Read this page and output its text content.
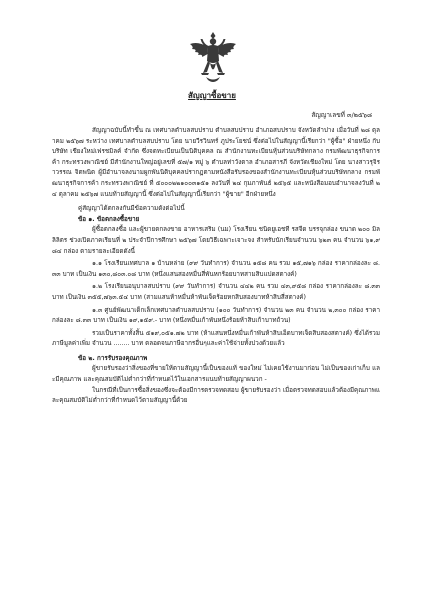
สัญญาซื้อขาย
สัญญาเลขที่ ๓/๒๕๖๘

สัญญาฉบับนี้ทำขึ้น ณ เทศบาลตำบลสบปราบ ตำบลสบปราบ อำเภอสบปราบ จังหวัดลำปาง เมื่อวันที่ ๒๘ ตุลาคม ๒๕๖๗ ระหว่าง เทศบาลตำบลสบปราบ โดย นายวีรวินทร์ ภูประโยชน์ ซึ่งต่อไปในสัญญานี้เรียกว่า "ผู้ซื้อ" ฝ่ายหนึ่ง กับ บริษัท เชียงใหม่เฟรชมิลค์ จำกัด ซึ่งจดทะเบียนเป็นนิติบุคคล ณ สำนักงานทะเบียนหุ้นส่วนบริษัทกลาง กรมพัฒนาธุรกิจการค้า กระทรวงพาณิชย์ มีสำนักงานใหญ่อยู่เลขที่ ๕๗/๑ หมู่ ๖ ตำบลท่าวังตาล อำเภอสารภี จังหวัดเชียงใหม่ โดย นางสาวรุจิราวรรณ จิตพนิต ผู้มีอำนาจลงนามผูกพันนิติบุคคลปรากฏตามหนังสือรับรองของสำนักงานทะเบียนหุ้นส่วนบริษัทกลาง กรมพัฒนาธุรกิจการค้า กระทรวงพาณิชย์ ที่ ๕๐๐๐๒๒๑๐๐๓๑๕๑ ลงวันที่ ๒๔ กุมภาพันธ์ ๒๕๖๕ และหนังสือมอบอำนาจลงวันที่ ๒๔ ตุลาคม ๒๕๖๗ แนบท้ายสัญญานี้ ซึ่งต่อไปในสัญญานี้เรียกว่า "ผู้ขาย" อีกฝ่ายหนึ่ง

คู่สัญญาได้ตกลงกันมีข้อความดังต่อไปนี้

ข้อ ๑. ข้อตกลงซื้อขาย

ผู้ซื้อตกลงซื้อ และผู้ขายตกลงขาย อาหารเสริม (นม) โรงเรียน ชนิดยูเอชที รสจืด บรรจุกล่อง ขนาด ๒๐๐ มิลลิลิตร ช่วงเปิดภาคเรียนที่ ๒ ประจำปีการศึกษา ๒๕๖๗ โดยวิธีเฉพาะเจาะจง สำหรับนักเรียนจำนวน ๖๒๓ คน จำนวน ๖๑,๙๘๔ กล่อง ตามรายละเอียดดังนี้

๑.๑ โรงเรียนเทศบาล ๑ บ้านหล่าย (๙๙ วันทำการ) จำนวน ๑๕๘ คน รวม ๑๕,๗๑๖ กล่อง ราคากล่องละ ๘.๓๓ บาท เป็นเงิน ๑๓๐,๘๐๓.๐๘ บาท (หนึ่งแสนสองหมื่นสี่พันหกร้อยบาทสามสิบแปดสตางค์)

๑.๒ โรงเรียนอนุบาลสบปราบ (๙๙ วันทำการ) จำนวน ๔๔๒ คน รวม ๔๓,๙๕๘ กล่อง ราคากล่องละ ๘.๓๓ บาท เป็นเงิน ๓๕๕,๗๖๓.๕๔ บาท (สามแสนห้าหมื่นห้าพันเจ็ดร้อยหกสิบสองบาทห้าสิบสี่สตางค์)

๑.๓ ศูนย์พัฒนาเด็กเล็กเทศบาลตำบลสบปราบ (๑๐๐ วันทำการ) จำนวน ๒๓ คน จำนวน ๒,๓๐๐ กล่อง ราคากล่องละ ๘.๓๓ บาท เป็นเงิน ๑๙,๑๕๙.- บาท (หนึ่งหมื่นเก้าพันหนึ่งร้อยห้าสิบเก้าบาทถ้วน)

รวมเป็นราคาทั้งสิ้น ๕๑๙,๐๕๑.๗๒ บาท (ห้าแสนหนึ่งหมื่นเก้าพันห้าสิบเอ็ดบาทเจ็ดสิบสองสตางค์) ซึ่งได้รวมภาษีมูลค่าเพิ่ม จำนวน ........ บาท ตลอดจนภาษีอากรอื่นๆและค่าใช้จ่ายทั้งปวงด้วยแล้ว

ข้อ ๒. การรับรองคุณภาพ

ผู้ขายรับรองว่าสิ่งของที่ขายให้ตามสัญญานี้เป็นของแท้ ของใหม่ ไม่เคยใช้งานมาก่อน ไม่เป็นของเก่าเก็บ และมีคุณภาพ และคุณสมบัติไม่ต่ำกว่าที่กำหนดไว้ในเอกสารแนบท้ายสัญญาผนวก -

ในกรณีที่เป็นการซื้อสิ่งของซึ่งจะต้องมีการตรวจทดสอบ ผู้ขายรับรองว่า เมื่อตรวจทดสอบแล้วต้องมีคุณภาพและคุณสมบัติไม่ต่ำกว่าที่กำหนดไว้ตามสัญญานี้ด้วย
